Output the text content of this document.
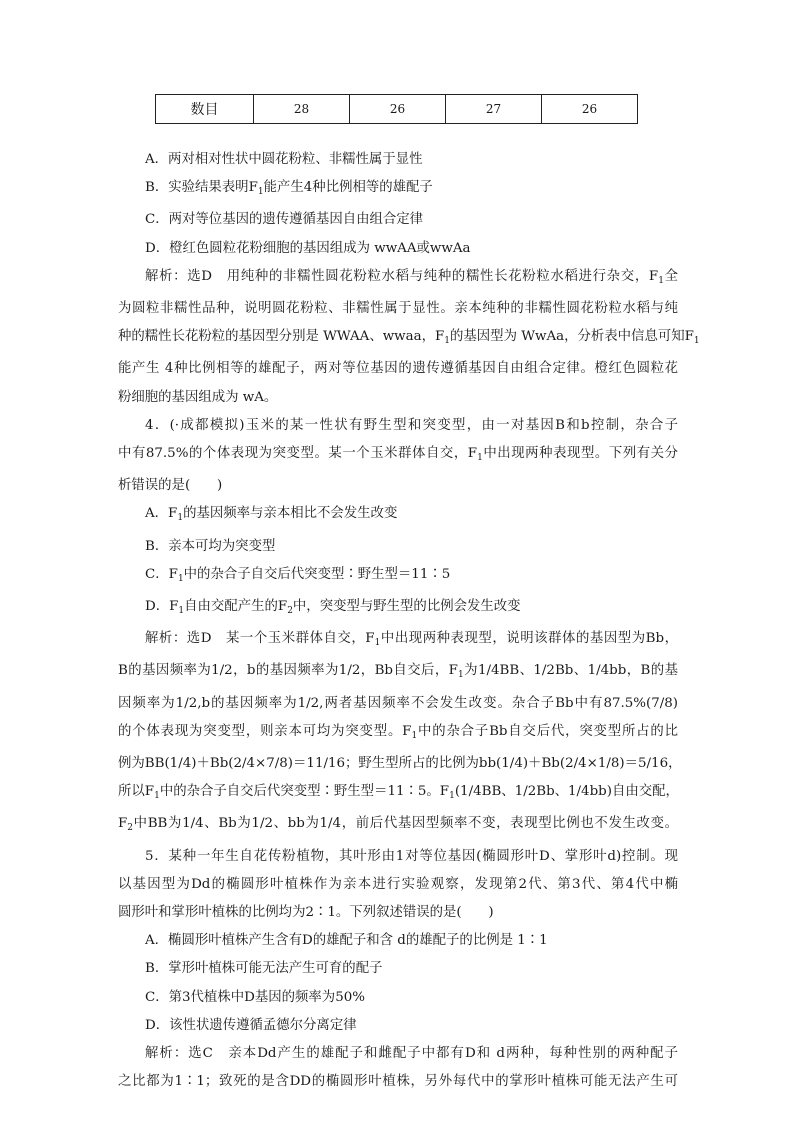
数目	28	26	27	26
A．两对相对性状中圆花粉粒、非糯性属于显性
B．实验结果表明$F_1$能产生4种比例相等的雄配子
C．两对等位基因的遗传遵循基因自由组合定律
D．橙红色圆粒花粉细胞的基因组成为 wwAA或wwAa
解析：选D　用纯种的非糯性圆花粉粒水稻与纯种的糯性长花粉粒水稻进行杂交，$F_1$全
为圆粒非糯性品种，说明圆花粉粒、非糯性属于显性。亲本纯种的非糯性圆花粉粒水稻与纯
种的糯性长花粉粒的基因型分别是 WWAA、wwaa，$F_1$的基因型为 WwAa，分析表中信息可知$F_1$
能产生 4种比例相等的雄配子，两对等位基因的遗传遵循基因自由组合定律。橙红色圆粒花
粉细胞的基因组成为 wA。
4．(·成都模拟)玉米的某一性状有野生型和突变型，由一对基因B和b控制，杂合子
中有87.5%的个体表现为突变型。某一个玉米群体自交，$F_1$中出现两种表现型。下列有关分
析错误的是(　　)
A．$F_1$的基因频率与亲本相比不会发生改变
B．亲本可均为突变型
C．$F_1$中的杂合子自交后代突变型∶野生型＝11∶5
D．$F_1$自由交配产生的$F_2$中，突变型与野生型的比例会发生改变
解析：选D　某一个玉米群体自交，$F_1$中出现两种表现型，说明该群体的基因型为Bb，
B的基因频率为1/2，b的基因频率为1/2，Bb自交后，$F_1$为1/4BB、1/2Bb、1/4bb，B的基
因频率为1/2,b的基因频率为1/2,两者基因频率不会发生改变。杂合子Bb中有87.5%(7/8)
的个体表现为突变型，则亲本可均为突变型。$F_1$中的杂合子Bb自交后代，突变型所占的比
例为BB(1/4)＋Bb(2/4×7/8)＝11/16；野生型所占的比例为bb(1/4)＋Bb(2/4×1/8)＝5/16，
所以$F_1$中的杂合子自交后代突变型∶野生型＝11∶5。$F_1(1/4BB$、1/2Bb、1/4bb)自由交配，
$F_2$中BB为1/4、Bb为1/2、bb为1/4，前后代基因型频率不变，表现型比例也不发生改变。
5．某种一年生自花传粉植物，其叶形由1对等位基因(椭圆形叶D、掌形叶d)控制。现
以基因型为Dd的椭圆形叶植株作为亲本进行实验观察，发现第2代、第3代、第4代中椭
圆形叶和掌形叶植株的比例均为2∶1。下列叙述错误的是(　　)
A．椭圆形叶植株产生含有D的雄配子和含 d的雄配子的比例是 1∶1
B．掌形叶植株可能无法产生可育的配子
C．第3代植株中D基因的频率为50%
D．该性状遗传遵循孟德尔分离定律
解析：选C　亲本Dd产生的雄配子和雌配子中都有D和 d两种，每种性别的两种配子
之比都为1∶1；致死的是含DD的椭圆形叶植株，另外每代中的掌形叶植株可能无法产生可
